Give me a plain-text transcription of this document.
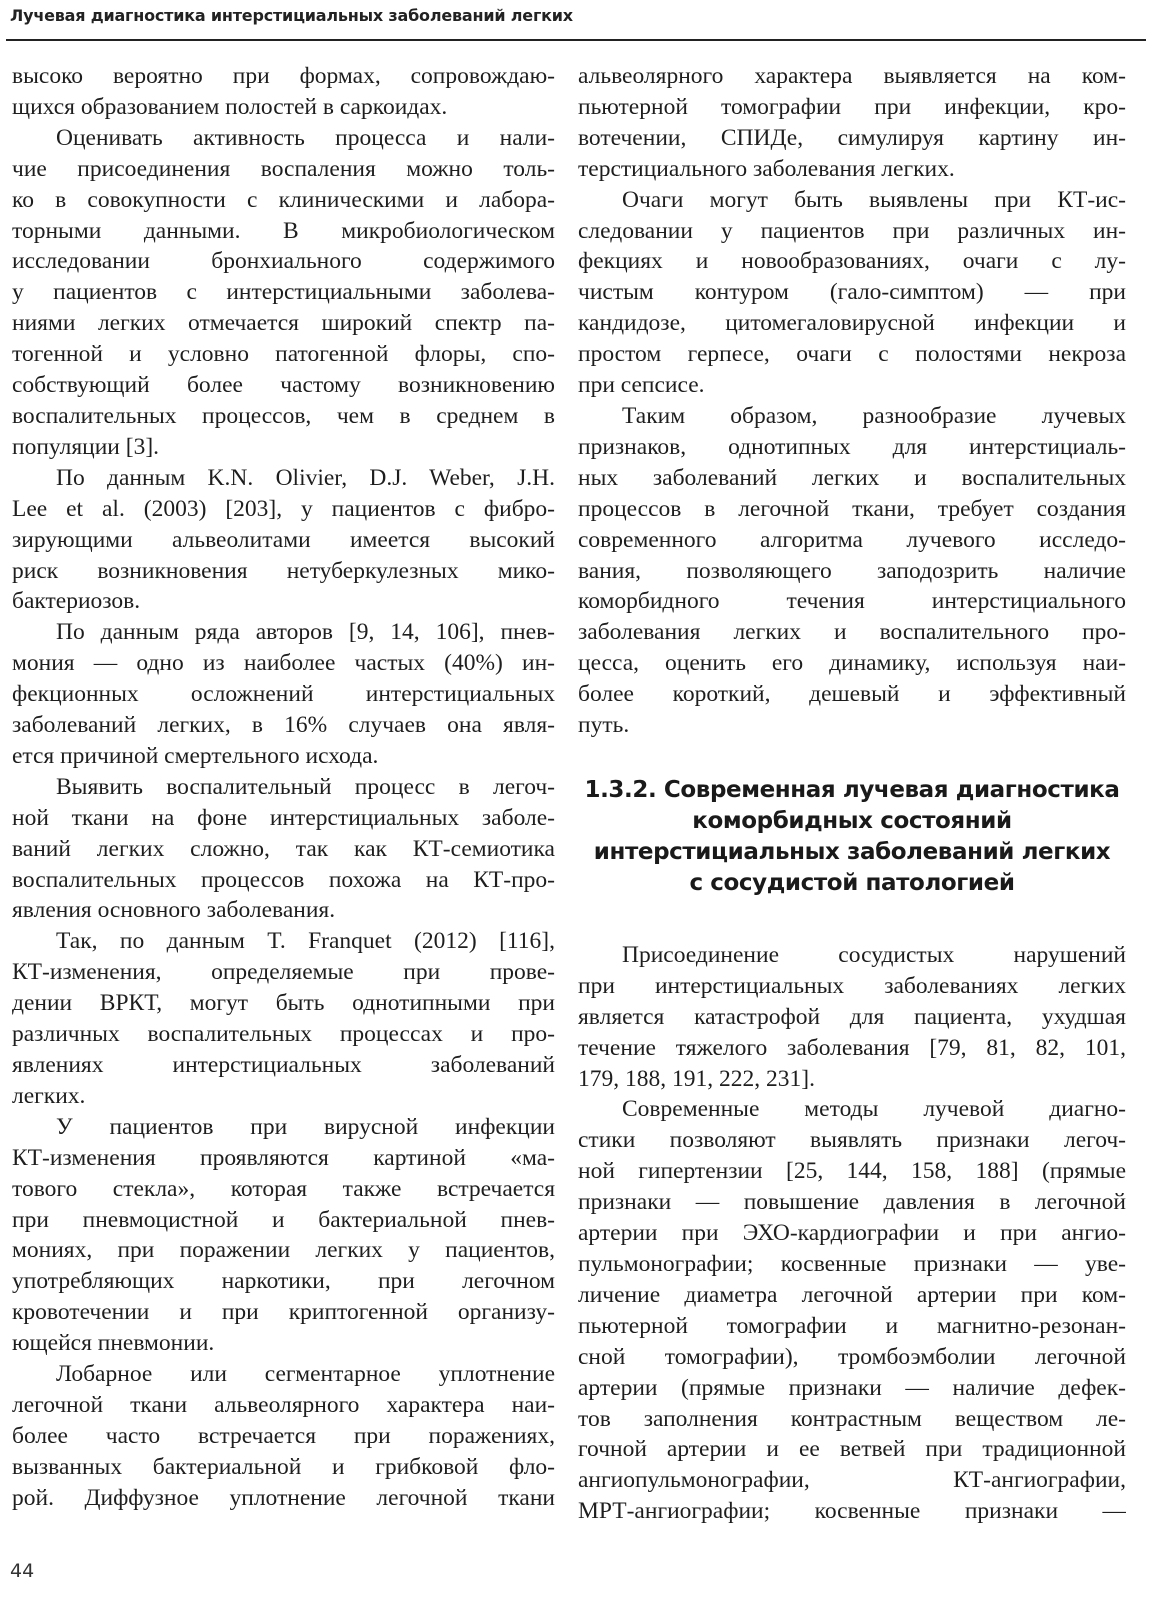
Лучевая диагностика интерстициальных заболеваний легких

высоко вероятно при формах, сопровождаю-
щихся образованием полостей в саркоидах.

Оценивать активность процесса и нали-
чие присоединения воспаления можно толь-
ко в совокупности с клиническими и лабора-
торными данными. В микробиологическом
исследовании бронхиального содержимого
у пациентов с интерстициальными заболева-
ниями легких отмечается широкий спектр па-
тогенной и условно патогенной флоры, спо-
собствующий более частому возникновению
воспалительных процессов, чем в среднем в
популяции [3].

По данным K.N. Olivier, D.J. Weber, J.H.
Lee et al. (2003) [203], у пациентов с фибро-
зирующими альвеолитами имеется высокий
риск возникновения нетуберкулезных мико-
бактериозов.

По данным ряда авторов [9, 14, 106], пнев-
мония — одно из наиболее частых (40%) ин-
фекционных осложнений интерстициальных
заболеваний легких, в 16% случаев она явля-
ется причиной смертельного исхода.

Выявить воспалительный процесс в легоч-
ной ткани на фоне интерстициальных заболе-
ваний легких сложно, так как КТ-семиотика
воспалительных процессов похожа на КТ-про-
явления основного заболевания.

Так, по данным T. Franquet (2012) [116],
КТ-изменения, определяемые при прове-
дении ВРКТ, могут быть однотипными при
различных воспалительных процессах и про-
явлениях интерстициальных заболеваний
легких.

У пациентов при вирусной инфекции
КТ-изменения проявляются картиной «ма-
тового стекла», которая также встречается
при пневмоцистной и бактериальной пнев-
мониях, при поражении легких у пациентов,
употребляющих наркотики, при легочном
кровотечении и при криптогенной организу-
ющейся пневмонии.

Лобарное или сегментарное уплотнение
легочной ткани альвеолярного характера наи-
более часто встречается при поражениях,
вызванных бактериальной и грибковой фло-
рой. Диффузное уплотнение легочной ткани

альвеолярного характера выявляется на ком-
пьютерной томографии при инфекции, кро-
вотечении, СПИДе, симулируя картину ин-
терстициального заболевания легких.

Очаги могут быть выявлены при КТ-ис-
следовании у пациентов при различных ин-
фекциях и новообразованиях, очаги с лу-
чистым контуром (гало-симптом) — при
кандидозе, цитомегаловирусной инфекции и
простом герпесе, очаги с полостями некроза
при сепсисе.

Таким образом, разнообразие лучевых
признаков, однотипных для интерстициаль-
ных заболеваний легких и воспалительных
процессов в легочной ткани, требует создания
современного алгоритма лучевого исследо-
вания, позволяющего заподозрить наличие
коморбидного течения интерстициального
заболевания легких и воспалительного про-
цесса, оценить его динамику, используя наи-
более короткий, дешевый и эффективный
путь.

1.3.2. Современная лучевая диагностика
коморбидных состояний
интерстициальных заболеваний легких
с сосудистой патологией

Присоединение сосудистых нарушений
при интерстициальных заболеваниях легких
является катастрофой для пациента, ухудшая
течение тяжелого заболевания [79, 81, 82, 101,
179, 188, 191, 222, 231].

Современные методы лучевой диагно-
стики позволяют выявлять признаки легоч-
ной гипертензии [25, 144, 158, 188] (прямые
признаки — повышение давления в легочной
артерии при ЭХО-кардиографии и при ангио-
пульмонографии; косвенные признаки — уве-
личение диаметра легочной артерии при ком-
пьютерной томографии и магнитно-резонан-
сной томографии), тромбоэмболии легочной
артерии (прямые признаки — наличие дефек-
тов заполнения контрастным веществом ле-
гочной артерии и ее ветвей при традиционной
ангиопульмонографии, КТ-ангиографии,
МРТ-ангиографии; косвенные признаки —

44
